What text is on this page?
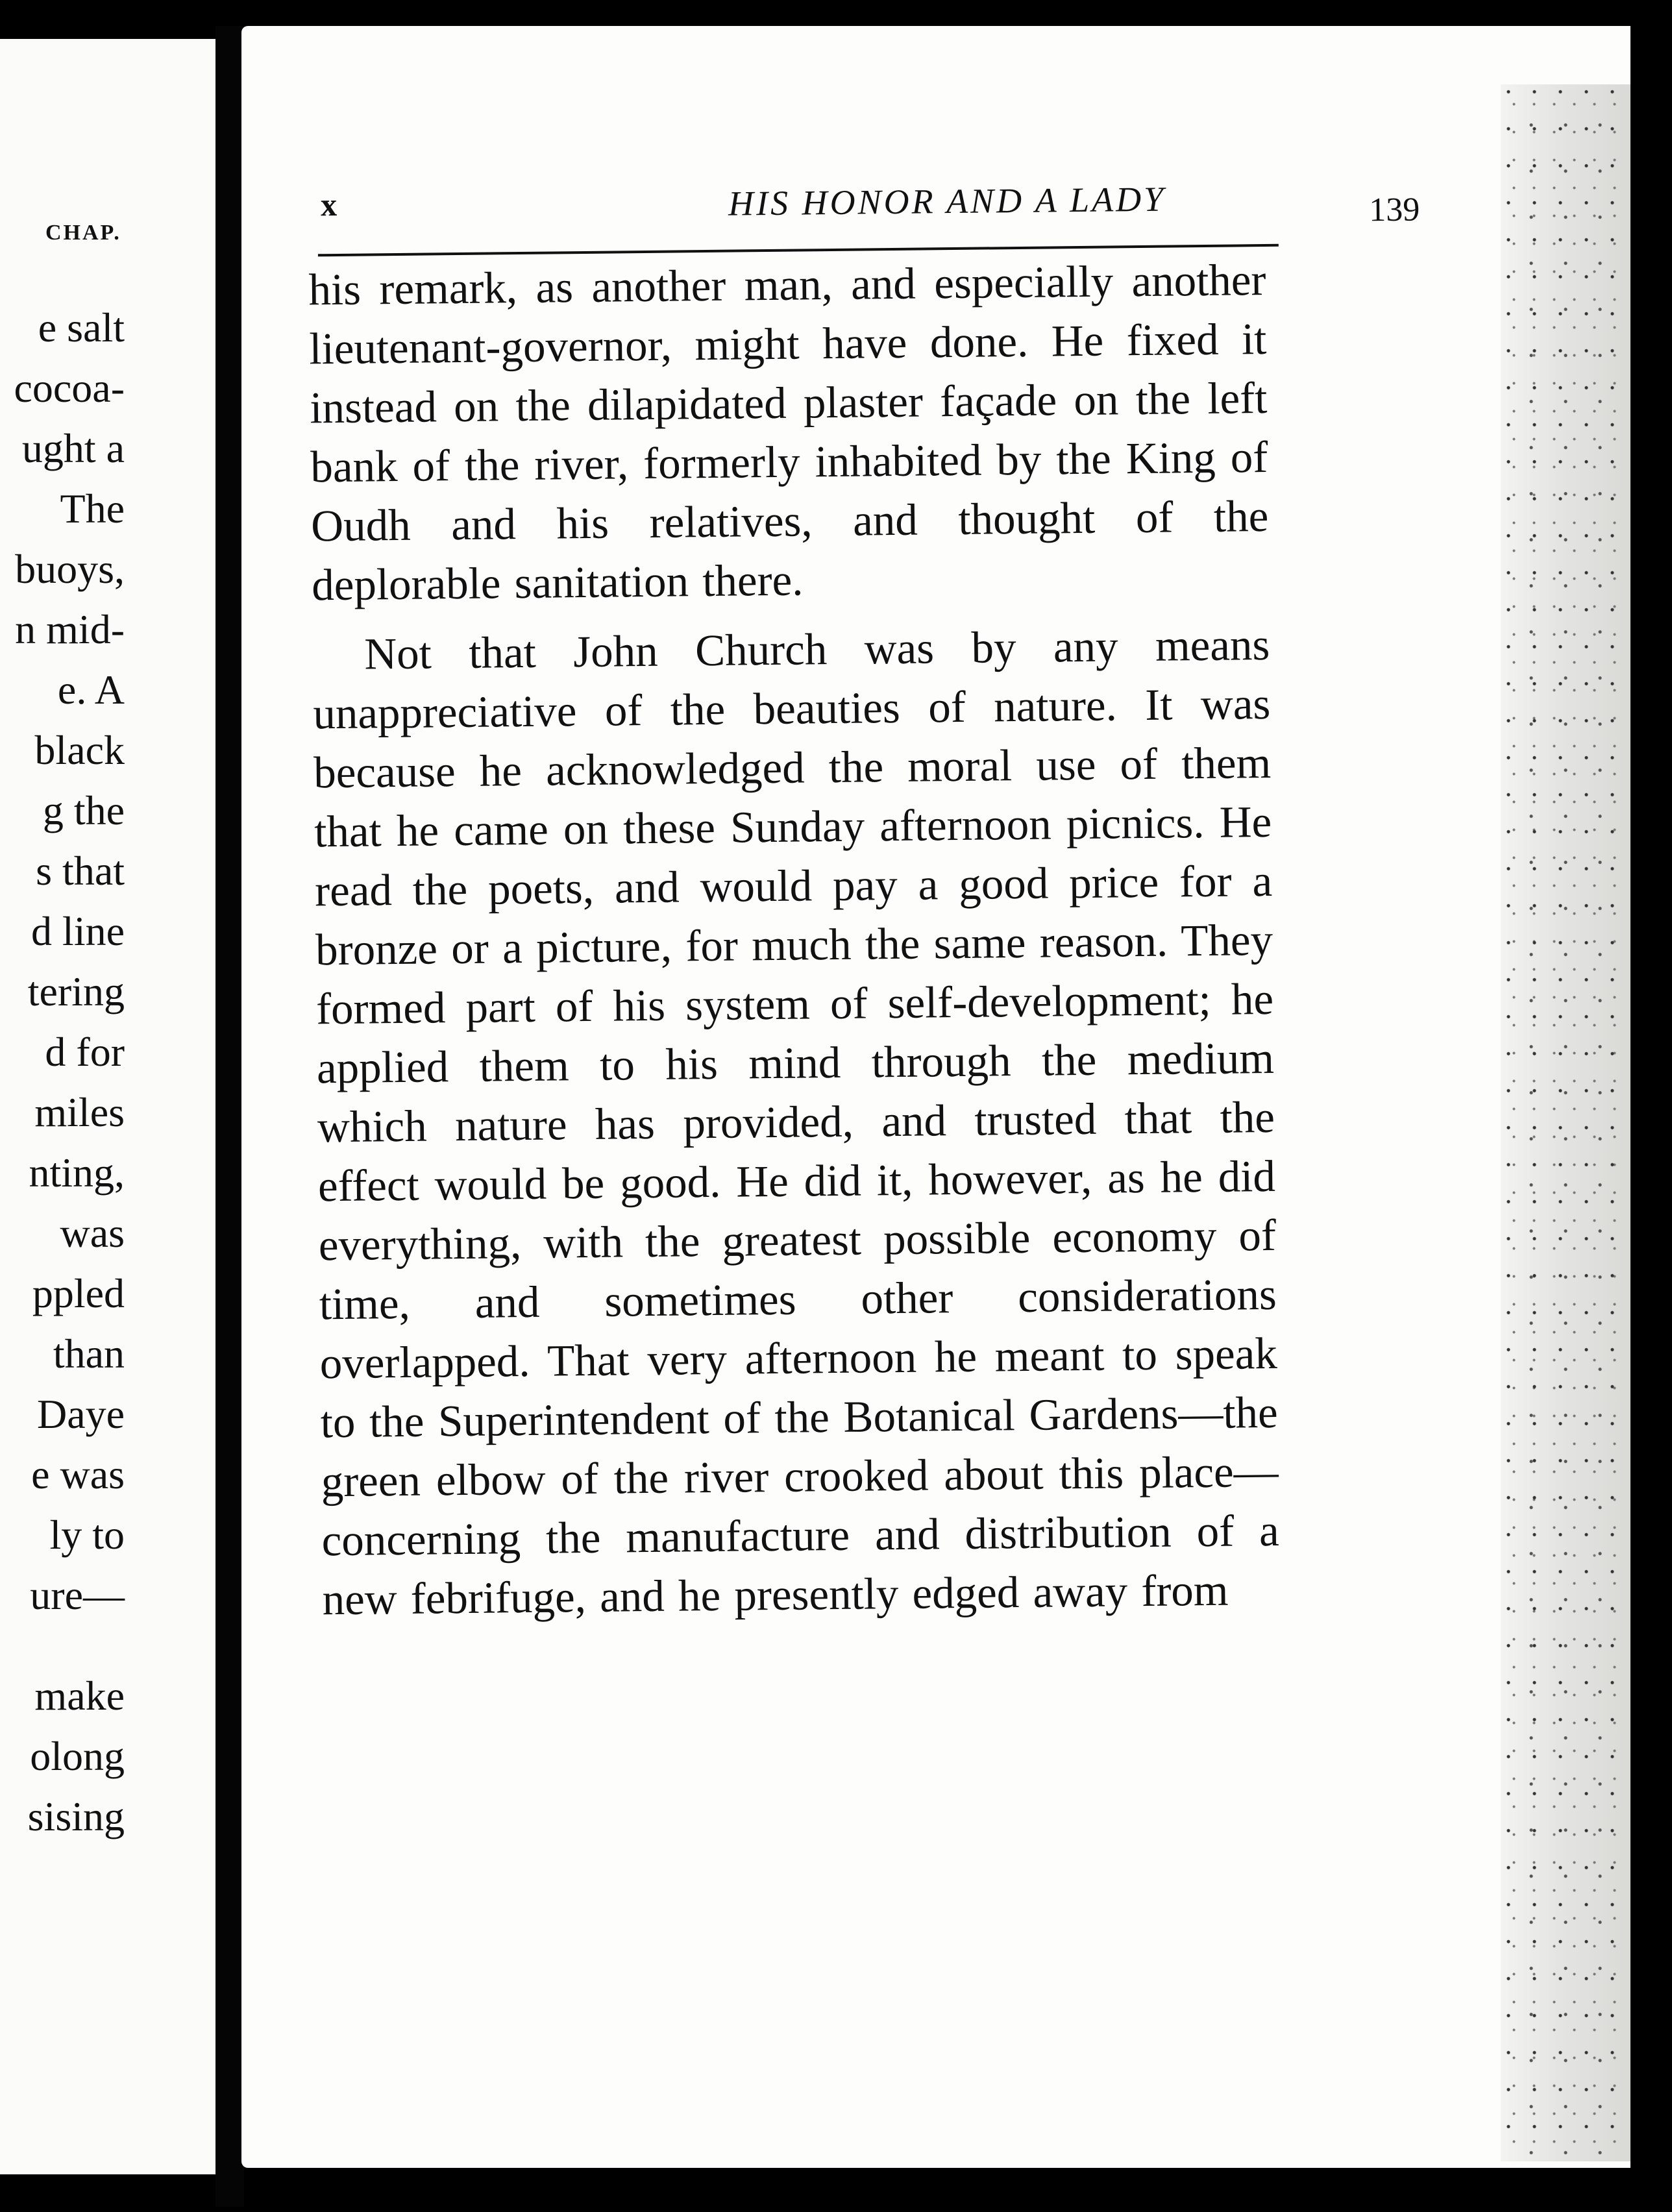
CHAP.
e salt
cocoa-
ught a
The
buoys,
n mid-
e. A
black
g the
s that
d line
tering
d for
miles
nting,
was
ppled
than
Daye
e was
ly to
ure—
make
olong
sising
x	HIS HONOR AND A LADY	139

his remark, as another man, and especially another lieutenant-governor, might have done. He fixed it instead on the dilapidated plaster façade on the left bank of the river, formerly inhabited by the King of Oudh and his relatives, and thought of the deplorable sanitation there.

Not that John Church was by any means unappreciative of the beauties of nature. It was because he acknowledged the moral use of them that he came on these Sunday afternoon picnics. He read the poets, and would pay a good price for a bronze or a picture, for much the same reason. They formed part of his system of self-development; he applied them to his mind through the medium which nature has provided, and trusted that the effect would be good. He did it, however, as he did everything, with the greatest possible economy of time, and sometimes other considerations overlapped. That very afternoon he meant to speak to the Superintendent of the Botanical Gardens—the green elbow of the river crooked about this place—concerning the manufacture and distribution of a new febrifuge, and he presently edged away from
